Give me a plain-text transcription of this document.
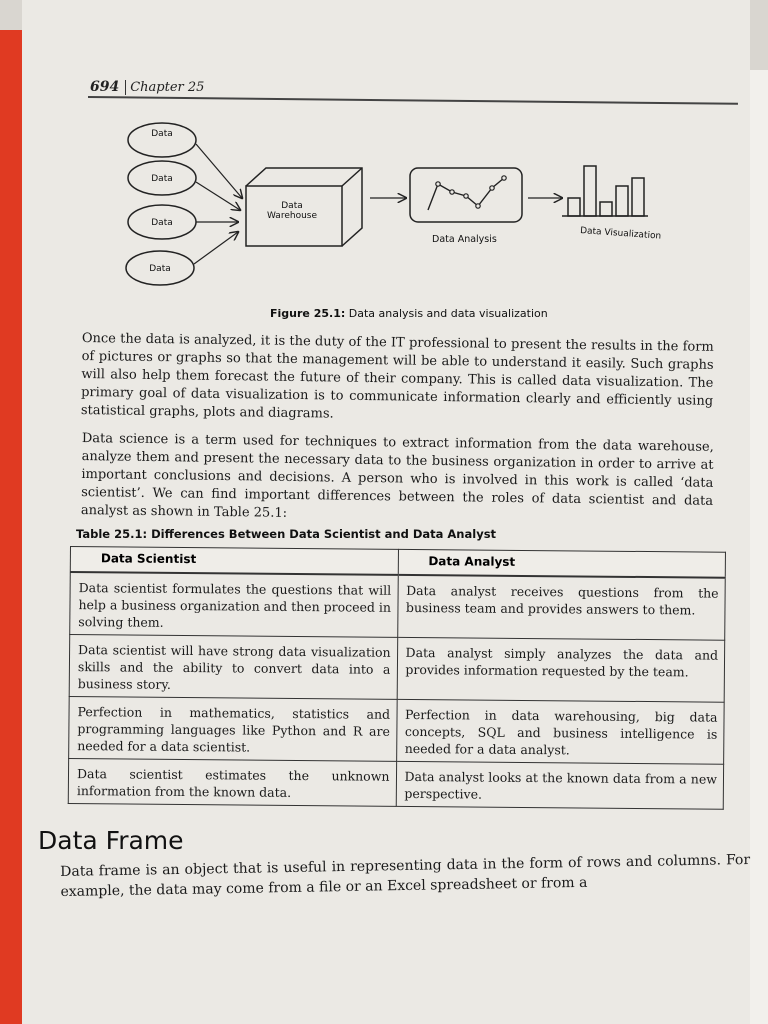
694 Chapter 25
Data
Data
Data
Data
Data
Warehouse
Data Analysis	Data Visualization
Figure 25.1: Data analysis and data visualization
Once the data is analyzed, it is the duty of the IT professional to present the results in the form of pictures or graphs so that the management will be able to understand it easily. Such graphs will also help them forecast the future of their company. This is called data visualization. The primary goal of data visualization is to communicate information clearly and efficiently using statistical graphs, plots and diagrams.
Data science is a term used for techniques to extract information from the data warehouse, analyze them and present the necessary data to the business organization in order to arrive at important conclusions and decisions. A person who is involved in this work is called ‘data scientist’. We can find important differences between the roles of data scientist and data analyst as shown in Table 25.1:
Table 25.1: Differences Between Data Scientist and Data Analyst
Data Scientist	Data Analyst
Data scientist formulates the questions that will help a business organization and then proceed in solving them.	Data analyst receives questions from the business team and provides answers to them.
Data scientist will have strong data visualization skills and the ability to convert data into a business story.	Data analyst simply analyzes the data and provides information requested by the team.
Perfection in mathematics, statistics and programming languages like Python and R are needed for a data scientist.	Perfection in data warehousing, big data concepts, SQL and business intelligence is needed for a data analyst.
Data scientist estimates the unknown information from the known data.	Data analyst looks at the known data from a new perspective.
Data Frame
Data frame is an object that is useful in representing data in the form of rows and columns. For example, the data may come from a file or an Excel spreadsheet or from a
